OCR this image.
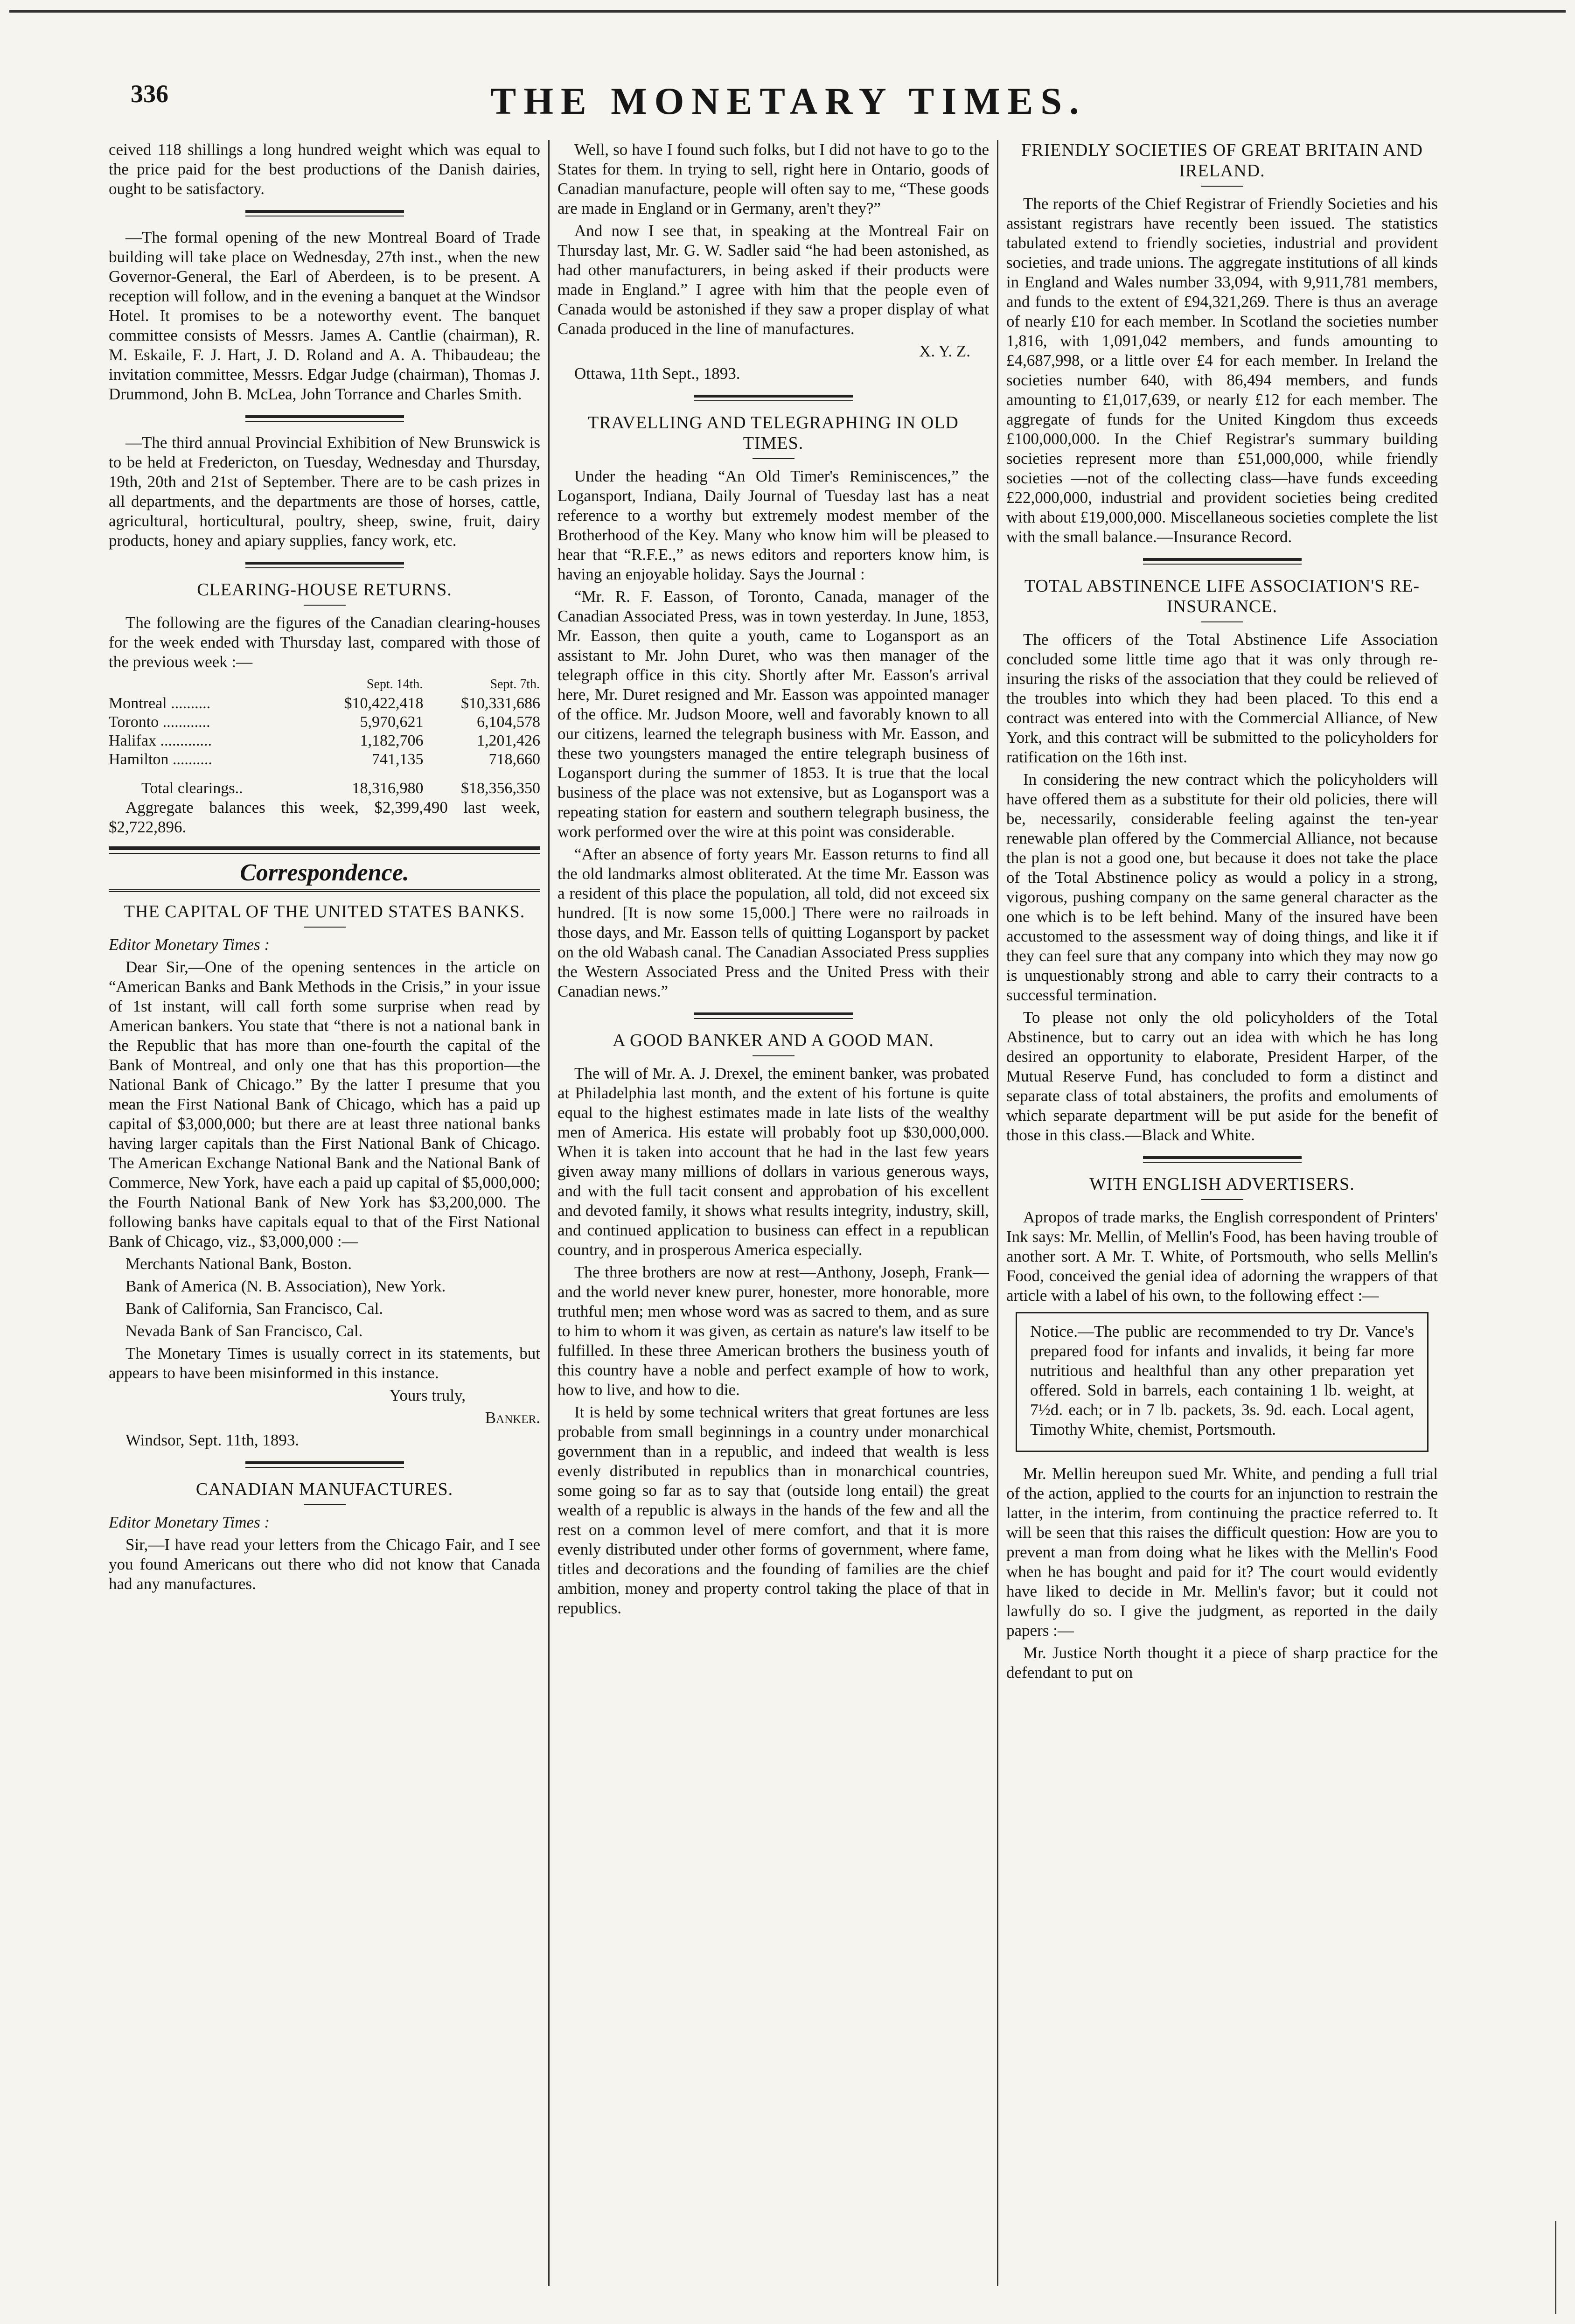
336	THE MONETARY TIMES.

ceived 118 shillings a long hundred weight which was equal to the price paid for the best productions of the Danish dairies, ought to be satisfactory.

—The formal opening of the new Montreal Board of Trade building will take place on Wednesday, 27th inst., when the new Governor-General, the Earl of Aberdeen, is to be present. A reception will follow, and in the evening a banquet at the Windsor Hotel. It promises to be a noteworthy event. The banquet committee consists of Messrs. James A. Cantlie (chairman), R. M. Eskaile, F. J. Hart, J. D. Roland and A. A. Thibaudeau; the invitation committee, Messrs. Edgar Judge (chairman), Thomas J. Drummond, John B. McLea, John Torrance and Charles Smith.

—The third annual Provincial Exhibition of New Brunswick is to be held at Fredericton, on Tuesday, Wednesday and Thursday, 19th, 20th and 21st of September. There are to be cash prizes in all departments, and the departments are those of horses, cattle, agricultural, horticultural, poultry, sheep, swine, fruit, dairy products, honey and apiary supplies, fancy work, etc.

CLEARING-HOUSE RETURNS.

The following are the figures of the Canadian clearing-houses for the week ended with Thursday last, compared with those of the previous week :—

	Sept. 14th.	Sept. 7th.
Montreal ..........	$10,422,418	$10,331,686
Toronto ............	5,970,621	6,104,578
Halifax .............	1,182,706	1,201,426
Hamilton ..........	741,135	718,660
Total clearings..	18,316,980	$18,356,350

Aggregate balances this week, $2,399,490 last week, $2,722,896.

Correspondence.
THE CAPITAL OF THE UNITED STATES BANKS.

Editor Monetary Times :

Dear Sir,—One of the opening sentences in the article on “American Banks and Bank Methods in the Crisis,” in your issue of 1st instant, will call forth some surprise when read by American bankers. You state that “there is not a national bank in the Republic that has more than one-fourth the capital of the Bank of Montreal, and only one that has this proportion—the National Bank of Chicago.” By the latter I presume that you mean the First National Bank of Chicago, which has a paid up capital of $3,000,000; but there are at least three national banks having larger capitals than the First National Bank of Chicago. The American Exchange National Bank and the National Bank of Commerce, New York, have each a paid up capital of $5,000,000; the Fourth National Bank of New York has $3,200,000. The following banks have capitals equal to that of the First National Bank of Chicago, viz., $3,000,000 :—

Merchants National Bank, Boston.

Bank of America (N. B. Association), New York.

Bank of California, San Francisco, Cal.

Nevada Bank of San Francisco, Cal.

The Monetary Times is usually correct in its statements, but appears to have been misinformed in this instance.

Yours truly,

Banker.

Windsor, Sept. 11th, 1893.

CANADIAN MANUFACTURES.

Editor Monetary Times :

Sir,—I have read your letters from the Chicago Fair, and I see you found Americans out there who did not know that Canada had any manufactures.

Well, so have I found such folks, but I did not have to go to the States for them. In trying to sell, right here in Ontario, goods of Canadian manufacture, people will often say to me, “These goods are made in England or in Germany, aren't they?”

And now I see that, in speaking at the Montreal Fair on Thursday last, Mr. G. W. Sadler said “he had been astonished, as had other manufacturers, in being asked if their products were made in England.” I agree with him that the people even of Canada would be astonished if they saw a proper display of what Canada produced in the line of manufactures.

X. Y. Z.

Ottawa, 11th Sept., 1893.

TRAVELLING AND TELEGRAPHING IN OLD TIMES.

Under the heading “An Old Timer's Reminiscences,” the Logansport, Indiana, Daily Journal of Tuesday last has a neat reference to a worthy but extremely modest member of the Brotherhood of the Key. Many who know him will be pleased to hear that “R.F.E.,” as news editors and reporters know him, is having an enjoyable holiday. Says the Journal :

“Mr. R. F. Easson, of Toronto, Canada, manager of the Canadian Associated Press, was in town yesterday. In June, 1853, Mr. Easson, then quite a youth, came to Logansport as an assistant to Mr. John Duret, who was then manager of the telegraph office in this city. Shortly after Mr. Easson's arrival here, Mr. Duret resigned and Mr. Easson was appointed manager of the office. Mr. Judson Moore, well and favorably known to all our citizens, learned the telegraph business with Mr. Easson, and these two youngsters managed the entire telegraph business of Logansport during the summer of 1853. It is true that the local business of the place was not extensive, but as Logansport was a repeating station for eastern and southern telegraph business, the work performed over the wire at this point was considerable.

“After an absence of forty years Mr. Easson returns to find all the old landmarks almost obliterated. At the time Mr. Easson was a resident of this place the population, all told, did not exceed six hundred. [It is now some 15,000.] There were no railroads in those days, and Mr. Easson tells of quitting Logansport by packet on the old Wabash canal. The Canadian Associated Press supplies the Western Associated Press and the United Press with their Canadian news.”

A GOOD BANKER AND A GOOD MAN.

The will of Mr. A. J. Drexel, the eminent banker, was probated at Philadelphia last month, and the extent of his fortune is quite equal to the highest estimates made in late lists of the wealthy men of America. His estate will probably foot up $30,000,000. When it is taken into account that he had in the last few years given away many millions of dollars in various generous ways, and with the full tacit consent and approbation of his excellent and devoted family, it shows what results integrity, industry, skill, and continued application to business can effect in a republican country, and in prosperous America especially.

The three brothers are now at rest—Anthony, Joseph, Frank—and the world never knew purer, honester, more honorable, more truthful men; men whose word was as sacred to them, and as sure to him to whom it was given, as certain as nature's law itself to be fulfilled. In these three American brothers the business youth of this country have a noble and perfect example of how to work, how to live, and how to die.

It is held by some technical writers that great fortunes are less probable from small beginnings in a country under monarchical government than in a republic, and indeed that wealth is less evenly distributed in republics than in monarchical countries, some going so far as to say that (outside long entail) the great wealth of a republic is always in the hands of the few and all the rest on a common level of mere comfort, and that it is more evenly distributed under other forms of government, where fame, titles and decorations and the founding of families are the chief ambition, money and property control taking the place of that in republics.

FRIENDLY SOCIETIES OF GREAT BRITAIN AND IRELAND.

The reports of the Chief Registrar of Friendly Societies and his assistant registrars have recently been issued. The statistics tabulated extend to friendly societies, industrial and provident societies, and trade unions. The aggregate institutions of all kinds in England and Wales number 33,094, with 9,911,781 members, and funds to the extent of £94,321,269. There is thus an average of nearly £10 for each member. In Scotland the societies number 1,816, with 1,091,042 members, and funds amounting to £4,687,998, or a little over £4 for each member. In Ireland the societies number 640, with 86,494 members, and funds amounting to £1,017,639, or nearly £12 for each member. The aggregate of funds for the United Kingdom thus exceeds £100,000,000. In the Chief Registrar's summary building societies represent more than £51,000,000, while friendly societies —not of the collecting class—have funds exceeding £22,000,000, industrial and provident societies being credited with about £19,000,000. Miscellaneous societies complete the list with the small balance.—Insurance Record.

TOTAL ABSTINENCE LIFE ASSOCIATION'S RE-INSURANCE.

The officers of the Total Abstinence Life Association concluded some little time ago that it was only through re-insuring the risks of the association that they could be relieved of the troubles into which they had been placed. To this end a contract was entered into with the Commercial Alliance, of New York, and this contract will be submitted to the policyholders for ratification on the 16th inst.

In considering the new contract which the policyholders will have offered them as a substitute for their old policies, there will be, necessarily, considerable feeling against the ten-year renewable plan offered by the Commercial Alliance, not because the plan is not a good one, but because it does not take the place of the Total Abstinence policy as would a policy in a strong, vigorous, pushing company on the same general character as the one which is to be left behind. Many of the insured have been accustomed to the assessment way of doing things, and like it if they can feel sure that any company into which they may now go is unquestionably strong and able to carry their contracts to a successful termination.

To please not only the old policyholders of the Total Abstinence, but to carry out an idea with which he has long desired an opportunity to elaborate, President Harper, of the Mutual Reserve Fund, has concluded to form a distinct and separate class of total abstainers, the profits and emoluments of which separate department will be put aside for the benefit of those in this class.—Black and White.

WITH ENGLISH ADVERTISERS.

Apropos of trade marks, the English correspondent of Printers' Ink says: Mr. Mellin, of Mellin's Food, has been having trouble of another sort. A Mr. T. White, of Portsmouth, who sells Mellin's Food, conceived the genial idea of adorning the wrappers of that article with a label of his own, to the following effect :—

Notice.—The public are recommended to try Dr. Vance's prepared food for infants and invalids, it being far more nutritious and healthful than any other preparation yet offered. Sold in barrels, each containing 1 lb. weight, at 7½d. each; or in 7 lb. packets, 3s. 9d. each. Local agent, Timothy White, chemist, Portsmouth.

Mr. Mellin hereupon sued Mr. White, and pending a full trial of the action, applied to the courts for an injunction to restrain the latter, in the interim, from continuing the practice referred to. It will be seen that this raises the difficult question: How are you to prevent a man from doing what he likes with the Mellin's Food when he has bought and paid for it? The court would evidently have liked to decide in Mr. Mellin's favor; but it could not lawfully do so. I give the judgment, as reported in the daily papers :—

Mr. Justice North thought it a piece of sharp practice for the defendant to put on
